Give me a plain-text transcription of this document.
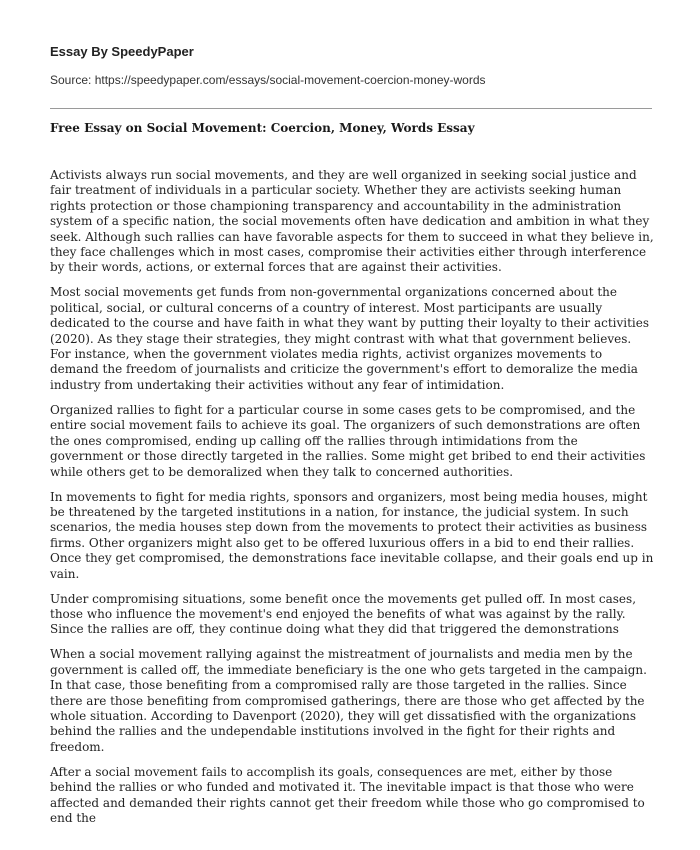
Essay By SpeedyPaper
Source: https://speedypaper.com/essays/social-movement-coercion-money-words
Free Essay on Social Movement: Coercion, Money, Words Essay

Activists always run social movements, and they are well organized in seeking social justice and fair treatment of individuals in a particular society. Whether they are activists seeking human rights protection or those championing transparency and accountability in the administration system of a specific nation, the social movements often have dedication and ambition in what they seek. Although such rallies can have favorable aspects for them to succeed in what they believe in, they face challenges which in most cases, compromise their activities either through interference by their words, actions, or external forces that are against their activities.

Most social movements get funds from non-governmental organizations concerned about the political, social, or cultural concerns of a country of interest. Most participants are usually dedicated to the course and have faith in what they want by putting their loyalty to their activities (2020). As they stage their strategies, they might contrast with what that government believes. For instance, when the government violates media rights, activist organizes movements to demand the freedom of journalists and criticize the government's effort to demoralize the media industry from undertaking their activities without any fear of intimidation.

Organized rallies to fight for a particular course in some cases gets to be compromised, and the entire social movement fails to achieve its goal. The organizers of such demonstrations are often the ones compromised, ending up calling off the rallies through intimidations from the government or those directly targeted in the rallies. Some might get bribed to end their activities while others get to be demoralized when they talk to concerned authorities.

In movements to fight for media rights, sponsors and organizers, most being media houses, might be threatened by the targeted institutions in a nation, for instance, the judicial system. In such scenarios, the media houses step down from the movements to protect their activities as business firms. Other organizers might also get to be offered luxurious offers in a bid to end their rallies. Once they get compromised, the demonstrations face inevitable collapse, and their goals end up in vain.

Under compromising situations, some benefit once the movements get pulled off. In most cases, those who influence the movement's end enjoyed the benefits of what was against by the rally. Since the rallies are off, they continue doing what they did that triggered the demonstrations

When a social movement rallying against the mistreatment of journalists and media men by the government is called off, the immediate beneficiary is the one who gets targeted in the campaign. In that case, those benefiting from a compromised rally are those targeted in the rallies. Since there are those benefiting from compromised gatherings, there are those who get affected by the whole situation. According to Davenport (2020), they will get dissatisfied with the organizations behind the rallies and the undependable institutions involved in the fight for their rights and freedom.

After a social movement fails to accomplish its goals, consequences are met, either by those behind the rallies or who funded and motivated it. The inevitable impact is that those who were affected and demanded their rights cannot get their freedom while those who go compromised to end the
